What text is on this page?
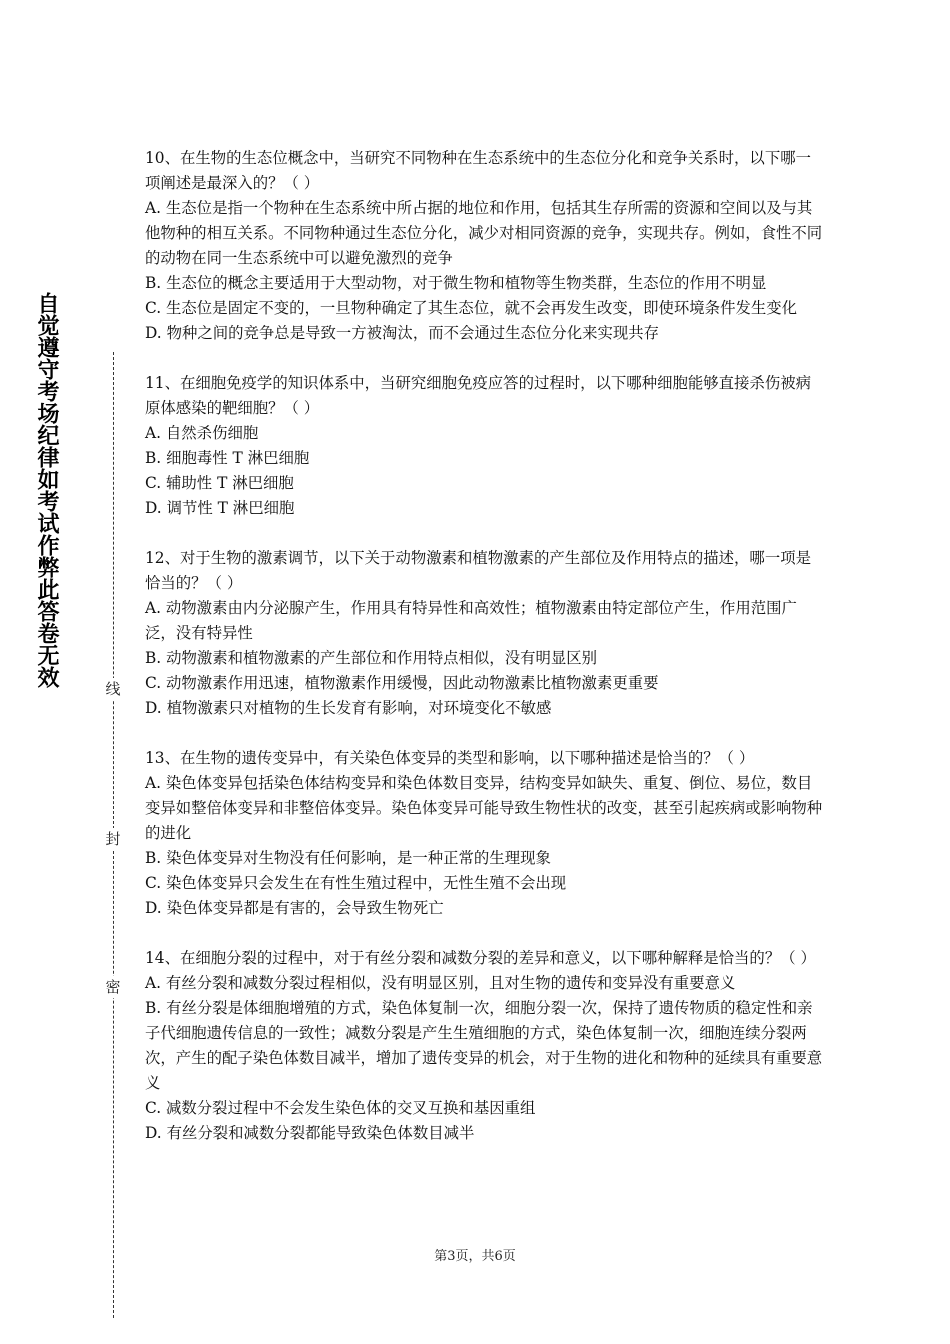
自觉遵守考场纪律如考试作弊此答卷无效
线
封
密

10、在生物的生态位概念中，当研究不同物种在生态系统中的生态位分化和竞争关系时，以下哪一项阐述是最深入的？（ ）

A. 生态位是指一个物种在生态系统中所占据的地位和作用，包括其生存所需的资源和空间以及与其他物种的相互关系。不同物种通过生态位分化，减少对相同资源的竞争，实现共存。例如，食性不同的动物在同一生态系统中可以避免激烈的竞争

B. 生态位的概念主要适用于大型动物，对于微生物和植物等生物类群，生态位的作用不明显

C. 生态位是固定不变的，一旦物种确定了其生态位，就不会再发生改变，即使环境条件发生变化

D. 物种之间的竞争总是导致一方被淘汰，而不会通过生态位分化来实现共存

11、在细胞免疫学的知识体系中，当研究细胞免疫应答的过程时，以下哪种细胞能够直接杀伤被病原体感染的靶细胞？（ ）

A. 自然杀伤细胞

B. 细胞毒性 T 淋巴细胞

C. 辅助性 T 淋巴细胞

D. 调节性 T 淋巴细胞

12、对于生物的激素调节，以下关于动物激素和植物激素的产生部位及作用特点的描述，哪一项是恰当的？（ ）

A. 动物激素由内分泌腺产生，作用具有特异性和高效性；植物激素由特定部位产生，作用范围广泛，没有特异性

B. 动物激素和植物激素的产生部位和作用特点相似，没有明显区别

C. 动物激素作用迅速，植物激素作用缓慢，因此动物激素比植物激素更重要

D. 植物激素只对植物的生长发育有影响，对环境变化不敏感

13、在生物的遗传变异中，有关染色体变异的类型和影响，以下哪种描述是恰当的？（ ）

A. 染色体变异包括染色体结构变异和染色体数目变异，结构变异如缺失、重复、倒位、易位，数目变异如整倍体变异和非整倍体变异。染色体变异可能导致生物性状的改变，甚至引起疾病或影响物种的进化

B. 染色体变异对生物没有任何影响，是一种正常的生理现象

C. 染色体变异只会发生在有性生殖过程中，无性生殖不会出现

D. 染色体变异都是有害的，会导致生物死亡

14、在细胞分裂的过程中，对于有丝分裂和减数分裂的差异和意义，以下哪种解释是恰当的？（ ）

A. 有丝分裂和减数分裂过程相似，没有明显区别，且对生物的遗传和变异没有重要意义

B. 有丝分裂是体细胞增殖的方式，染色体复制一次，细胞分裂一次，保持了遗传物质的稳定性和亲子代细胞遗传信息的一致性；减数分裂是产生生殖细胞的方式，染色体复制一次，细胞连续分裂两次，产生的配子染色体数目减半，增加了遗传变异的机会，对于生物的进化和物种的延续具有重要意义

C. 减数分裂过程中不会发生染色体的交叉互换和基因重组

D. 有丝分裂和减数分裂都能导致染色体数目减半

第3页，共6页
